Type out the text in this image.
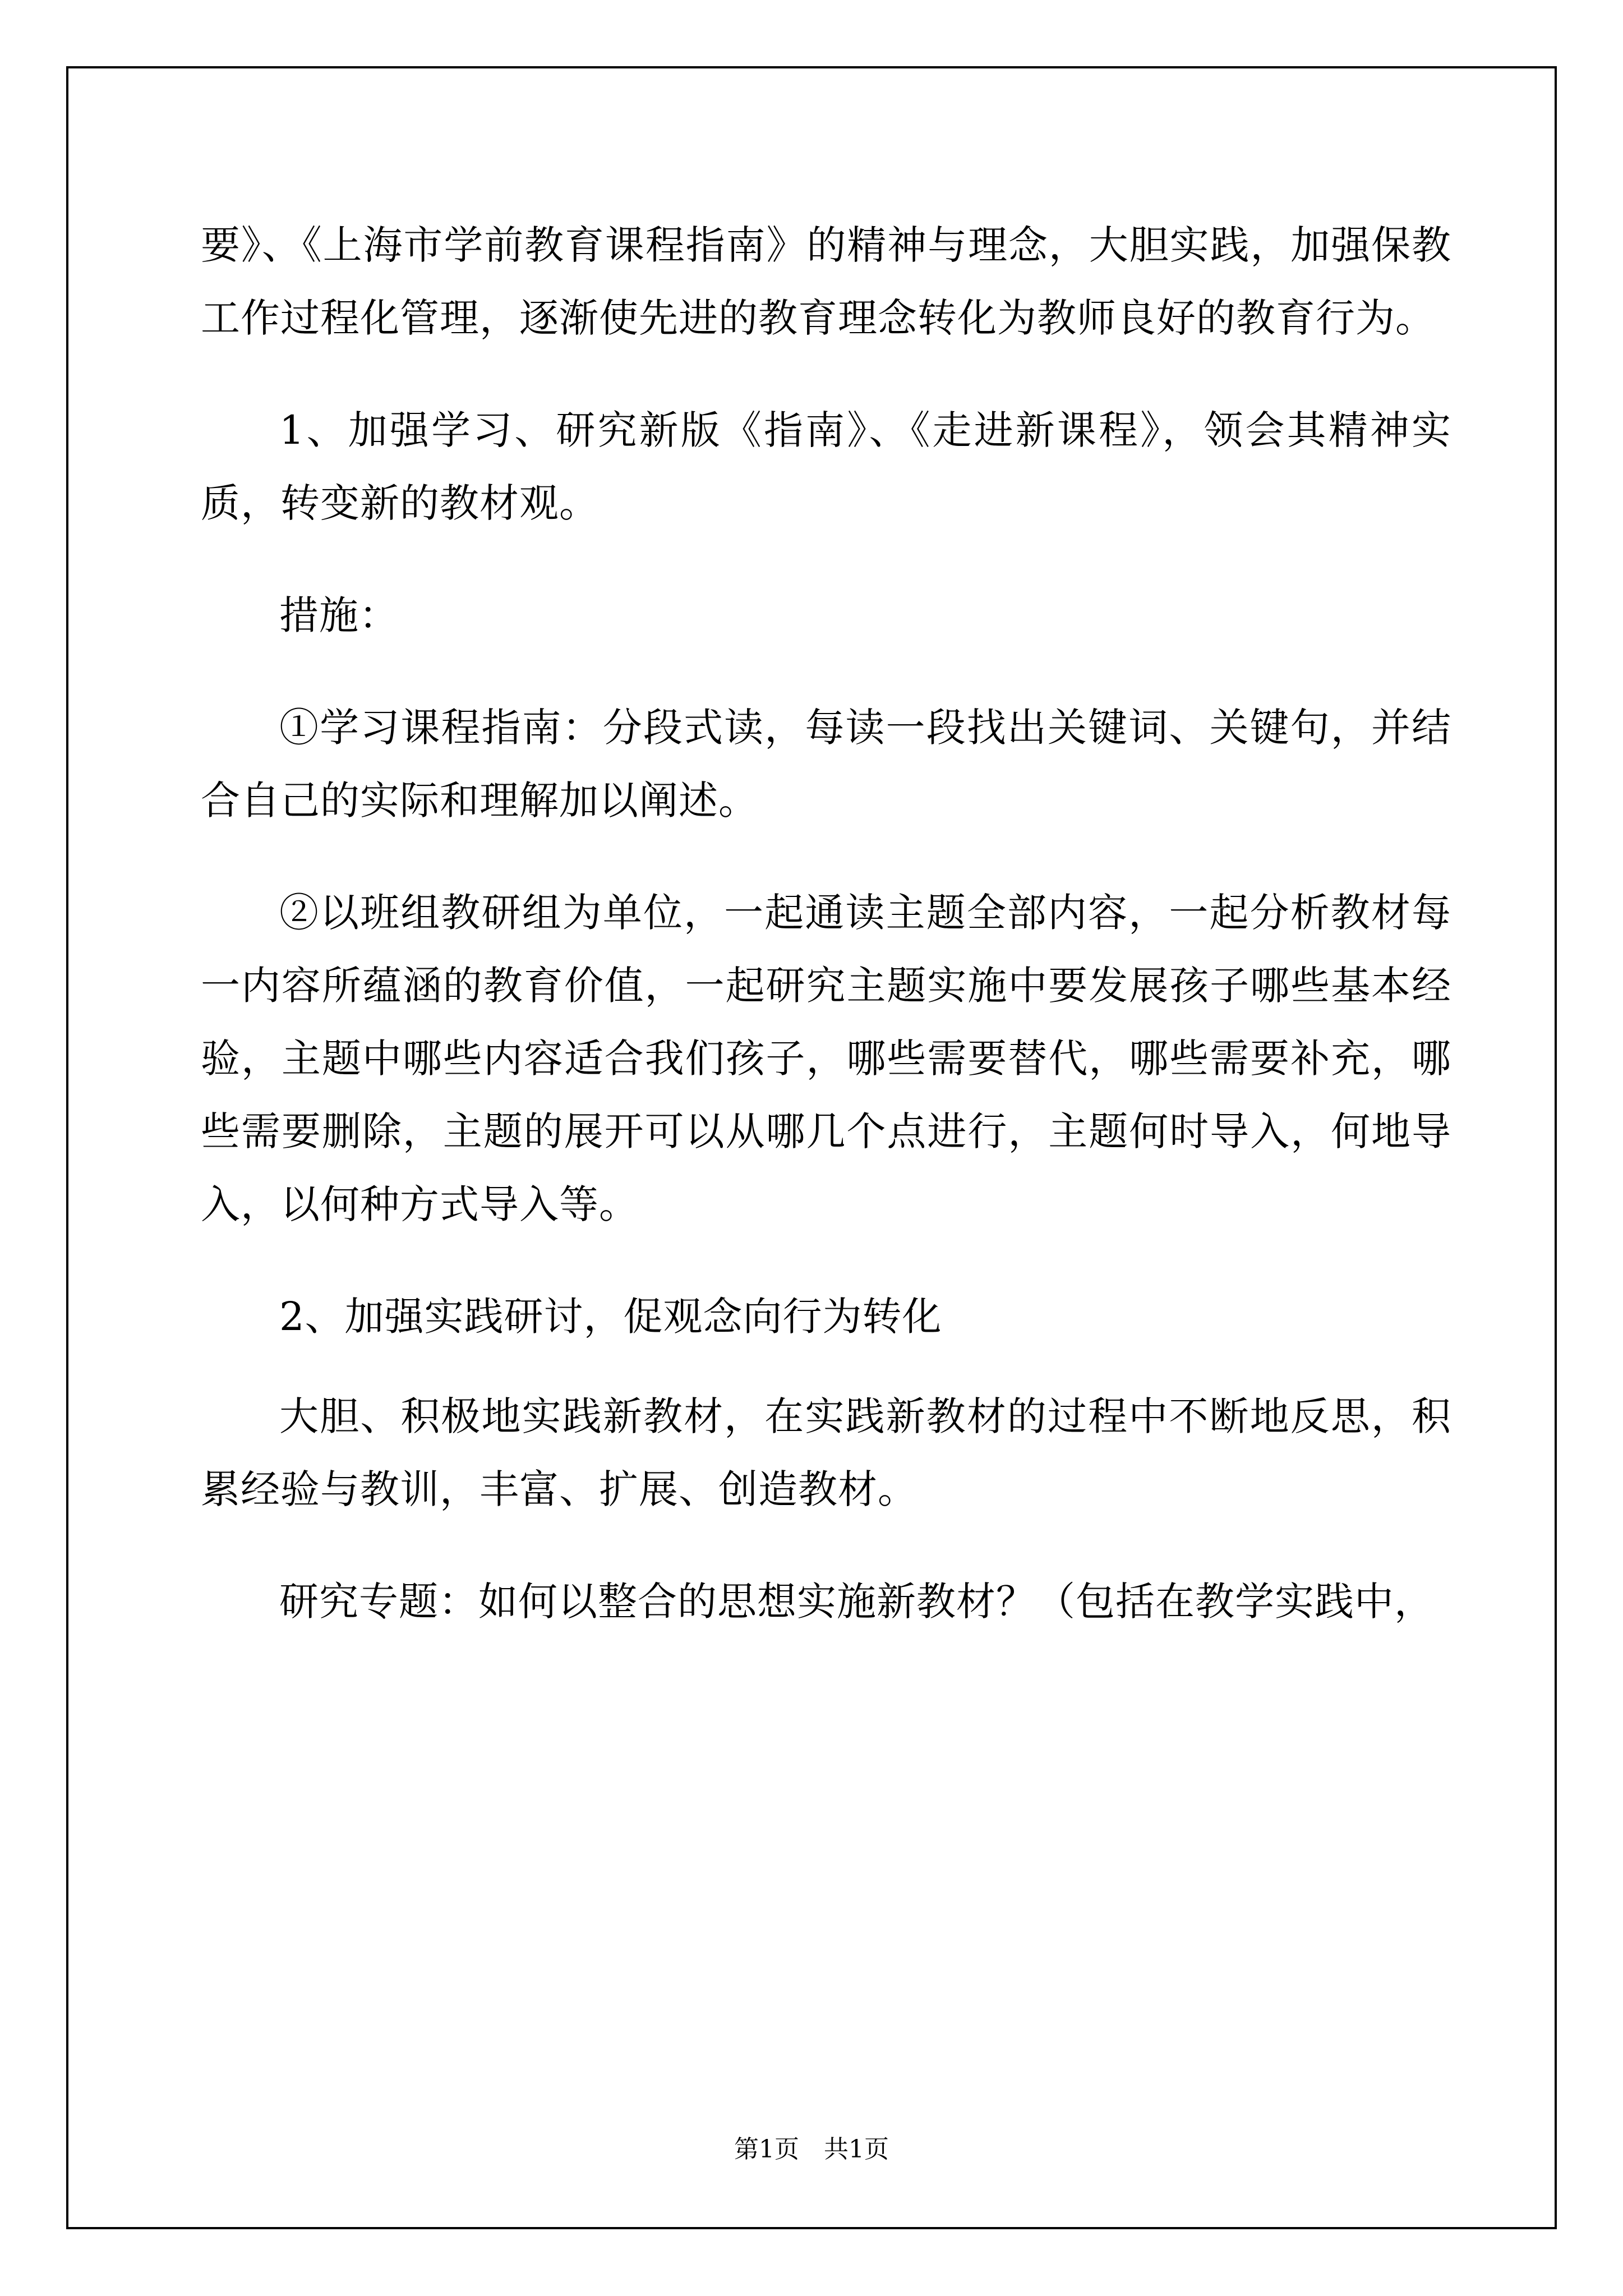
要》、《上海市学前教育课程指南》的精神与理念，大胆实践，加强保教工作过程化管理，逐渐使先进的教育理念转化为教师良好的教育行为。

1、加强学习、研究新版《指南》、《走进新课程》，领会其精神实质，转变新的教材观。

措施：

①学习课程指南：分段式读，每读一段找出关键词、关键句，并结合自己的实际和理解加以阐述。

②以班组教研组为单位，一起通读主题全部内容，一起分析教材每一内容所蕴涵的教育价值，一起研究主题实施中要发展孩子哪些基本经验，主题中哪些内容适合我们孩子，哪些需要替代，哪些需要补充，哪些需要删除，主题的展开可以从哪几个点进行，主题何时导入，何地导入，以何种方式导入等。

2、加强实践研讨，促观念向行为转化

大胆、积极地实践新教材，在实践新教材的过程中不断地反思，积累经验与教训，丰富、扩展、创造教材。

研究专题：如何以整合的思想实施新教材？（包括在教学实践中，

第1页 共1页
